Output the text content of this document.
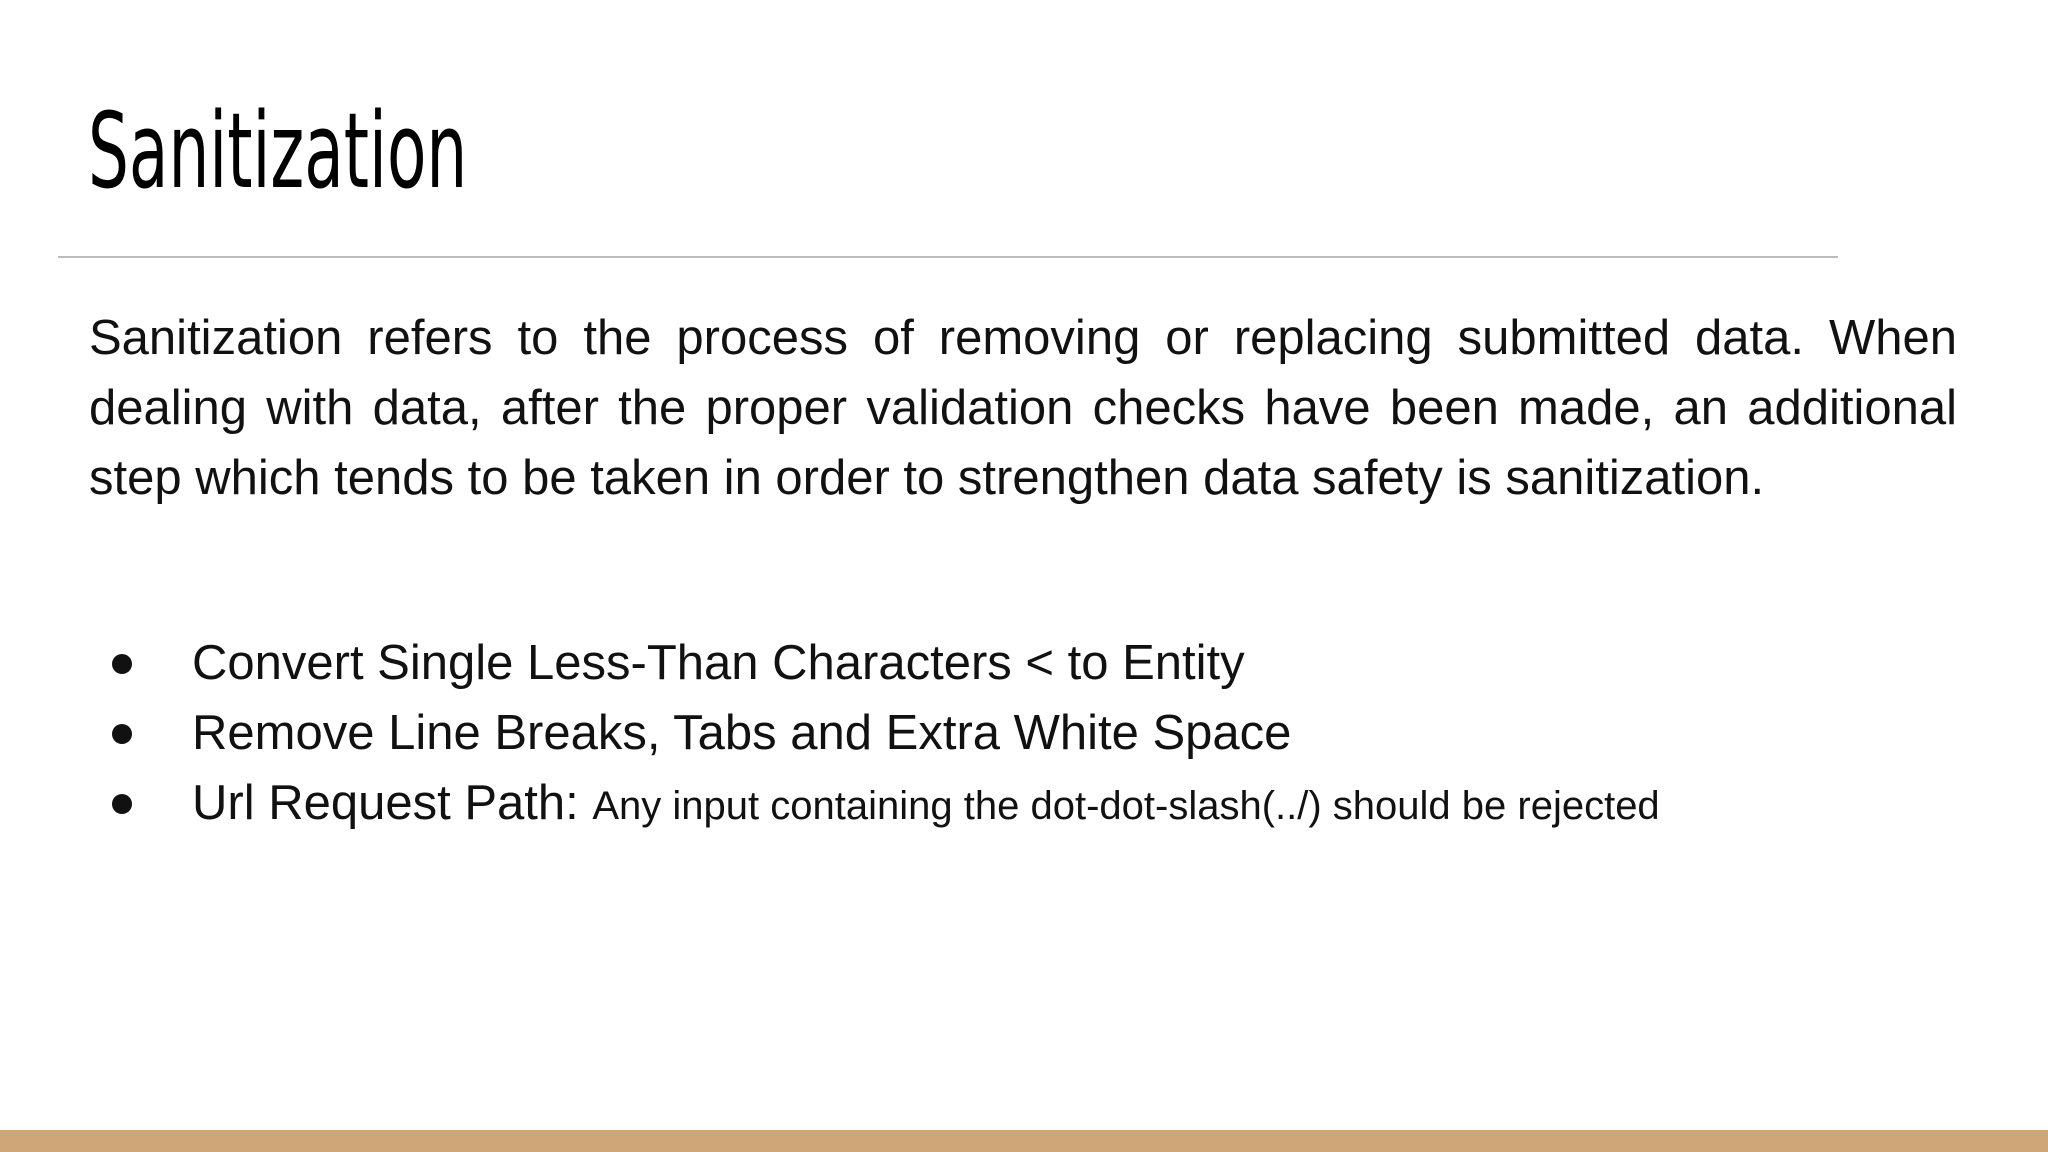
Sanitization

Sanitization refers to the process of removing or replacing submitted data. When dealing with data, after the proper validation checks have been made, an additional step which tends to be taken in order to strengthen data safety is sanitization.

Convert Single Less-Than Characters < to Entity
Remove Line Breaks, Tabs and Extra White Space
Url Request Path: Any input containing the dot-dot-slash(../) should be rejected
